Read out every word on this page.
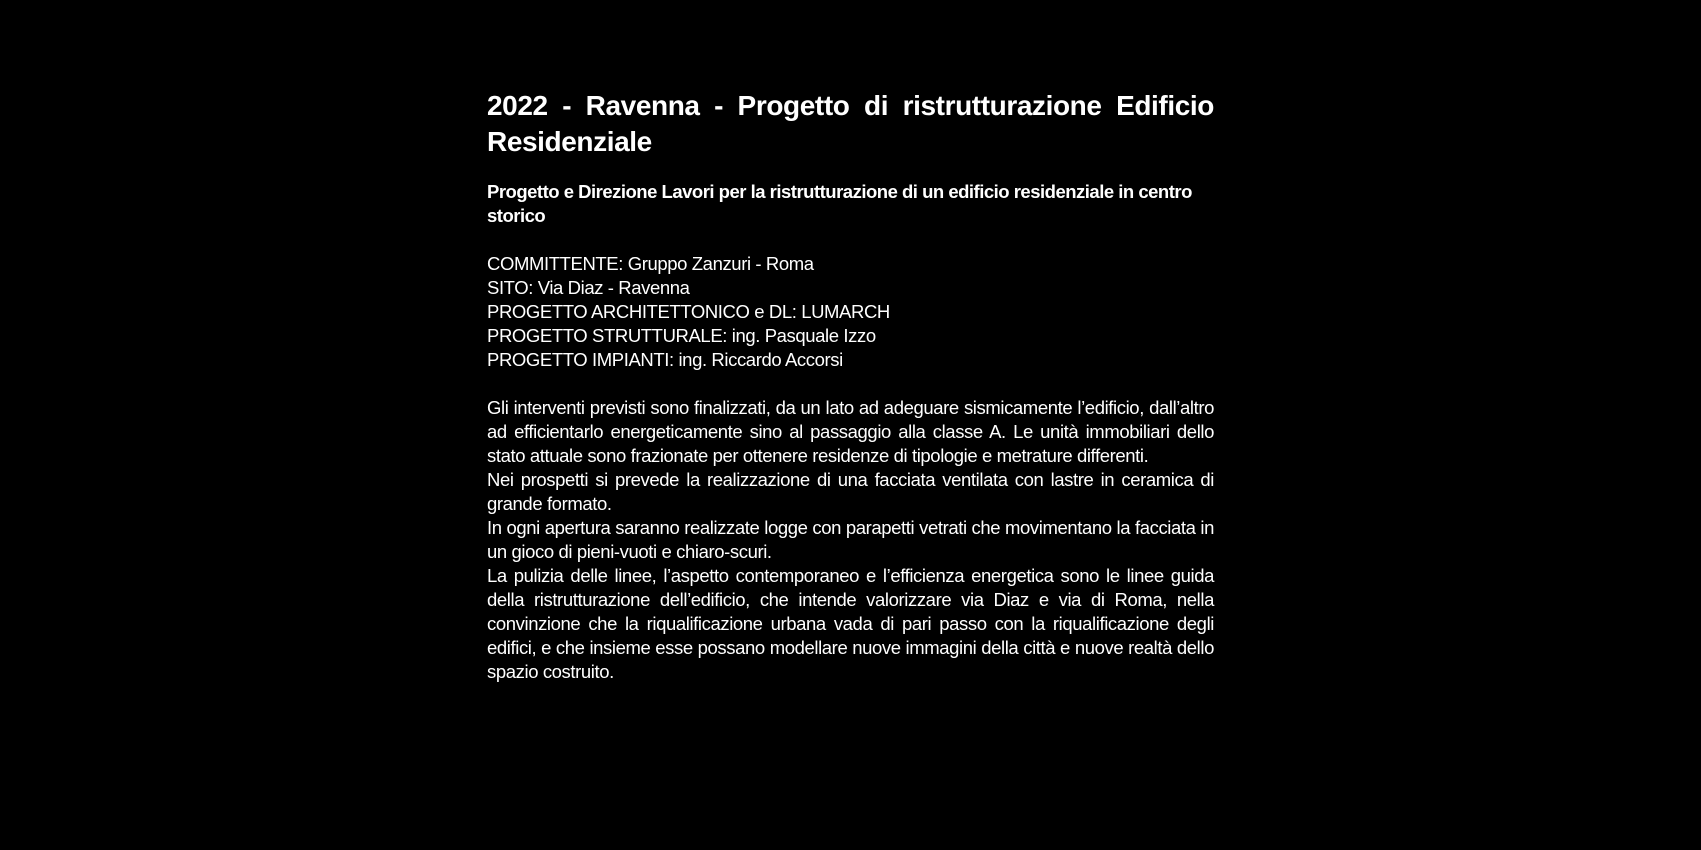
2022 - Ravenna - Progetto di ristrutturazione Edificio Residenziale
Progetto e Direzione Lavori per la ristrutturazione di un edificio residenziale in centro storico
COMMITTENTE: Gruppo Zanzuri - Roma
SITO: Via Diaz - Ravenna
PROGETTO ARCHITETTONICO e DL: LUMARCH
PROGETTO STRUTTURALE: ing. Pasquale Izzo
PROGETTO IMPIANTI: ing. Riccardo Accorsi

Gli interventi previsti sono finalizzati, da un lato ad adeguare sismicamente l’edificio, dall’altro ad efficientarlo energeticamente sino al passaggio alla classe A. Le unità immobiliari dello stato attuale sono frazionate per ottenere residenze di tipologie e metrature differenti.

Nei prospetti si prevede la realizzazione di una facciata ventilata con lastre in ceramica di grande formato.

In ogni apertura saranno realizzate logge con parapetti vetrati che movimentano la facciata in un gioco di pieni-vuoti e chiaro-scuri.

La pulizia delle linee, l’aspetto contemporaneo e l’efficienza energetica sono le linee guida della ristrutturazione dell’edificio, che intende valorizzare via Diaz e via di Roma, nella convinzione che la riqualificazione urbana vada di pari passo con la riqualificazione degli edifici, e che insieme esse possano modellare nuove immagini della città e nuove realtà dello spazio costruito.
